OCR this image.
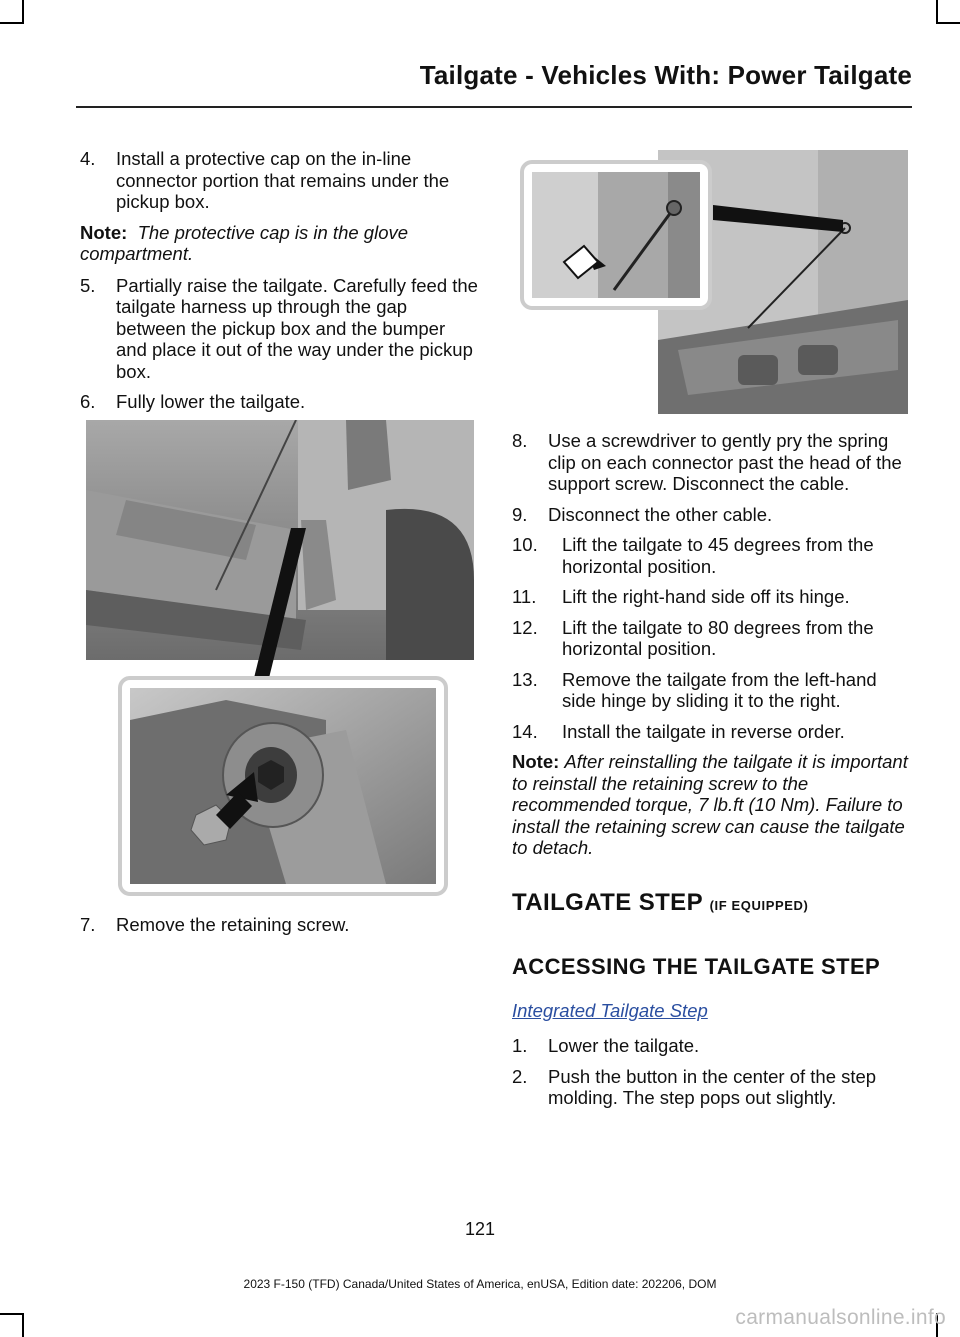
Tailgate - Vehicles With: Power Tailgate
4.	Install a protective cap on the in-line connector portion that remains under the pickup box.
Note: The protective cap is in the glove compartment.
5.	Partially raise the tailgate. Carefully feed the tailgate harness up through the gap between the pickup box and the bumper and place it out of the way under the pickup box.
6.	Fully lower the tailgate.
7.	Remove the retaining screw.
8.	Use a screwdriver to gently pry the spring clip on each connector past the head of the support screw. Disconnect the cable.
9.	Disconnect the other cable.
10.	Lift the tailgate to 45 degrees from the horizontal position.
11.	Lift the right-hand side off its hinge.
12.	Lift the tailgate to 80 degrees from the horizontal position.
13.	Remove the tailgate from the left-hand side hinge by sliding it to the right.
14.	Install the tailgate in reverse order.
Note: After reinstalling the tailgate it is important to reinstall the retaining screw to the recommended torque, 7 lb.ft (10 Nm). Failure to install the retaining screw can cause the tailgate to detach.
TAILGATE STEP (IF EQUIPPED)
ACCESSING THE TAILGATE STEP
Integrated Tailgate Step
1.	Lower the tailgate.
2.	Push the button in the center of the step molding. The step pops out slightly.
121
2023 F-150 (TFD) Canada/United States of America, enUSA, Edition date: 202206, DOM
carmanualsonline.info
